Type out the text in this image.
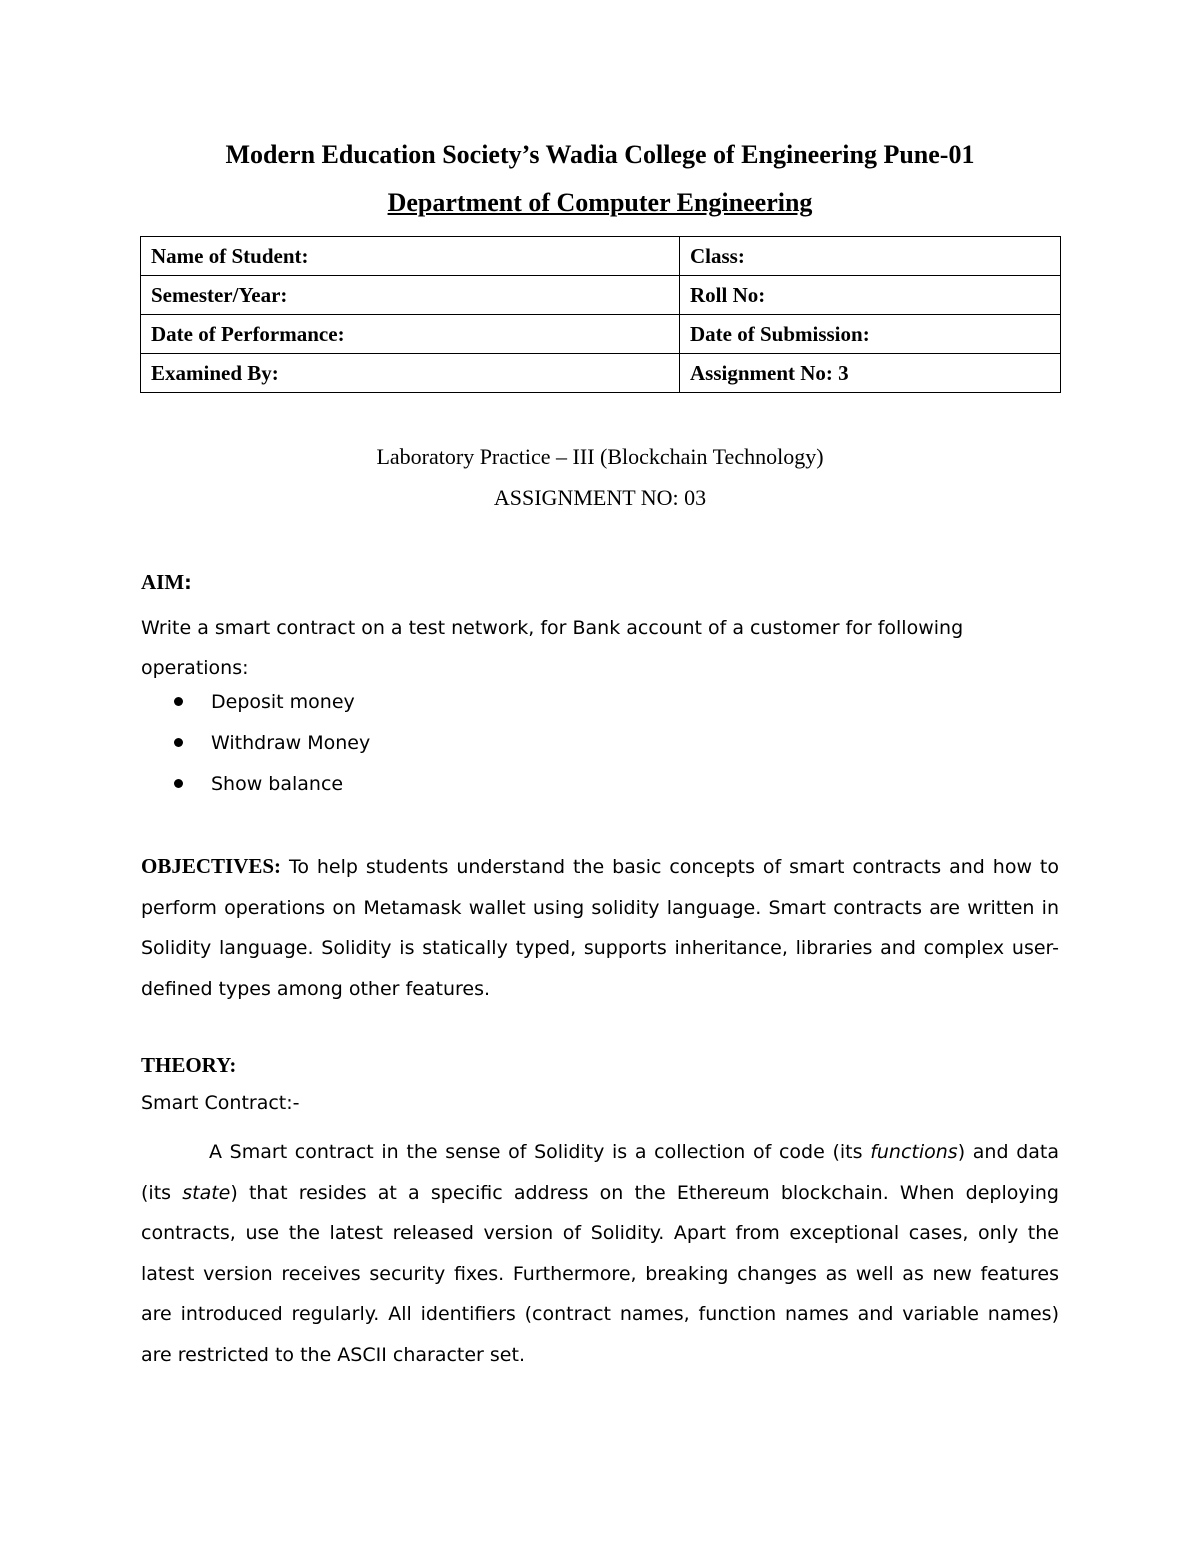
Modern Education Society’s Wadia College of Engineering Pune-01
Department of Computer Engineering
Name of Student:	Class:
Semester/Year:	Roll No:
Date of Performance:	Date of Submission:
Examined By:	Assignment No: 3
Laboratory Practice – III (Blockchain Technology)
ASSIGNMENT NO: 03
AIM:
Write a smart contract on a test network, for Bank account of a customer for following operations:
Deposit money
Withdraw Money
Show balance
OBJECTIVES: To help students understand the basic concepts of smart contracts and how to perform operations on Metamask wallet using solidity language. Smart contracts are written in Solidity language. Solidity is statically typed, supports inheritance, libraries and complex user-defined types among other features.
THEORY:
Smart Contract:-
A Smart contract in the sense of Solidity is a collection of code (its functions) and data (its state) that resides at a specific address on the Ethereum blockchain. When deploying contracts, use the latest released version of Solidity. Apart from exceptional cases, only the latest version receives security fixes. Furthermore, breaking changes as well as new features are introduced regularly. All identifiers (contract names, function names and variable names) are restricted to the ASCII character set.
